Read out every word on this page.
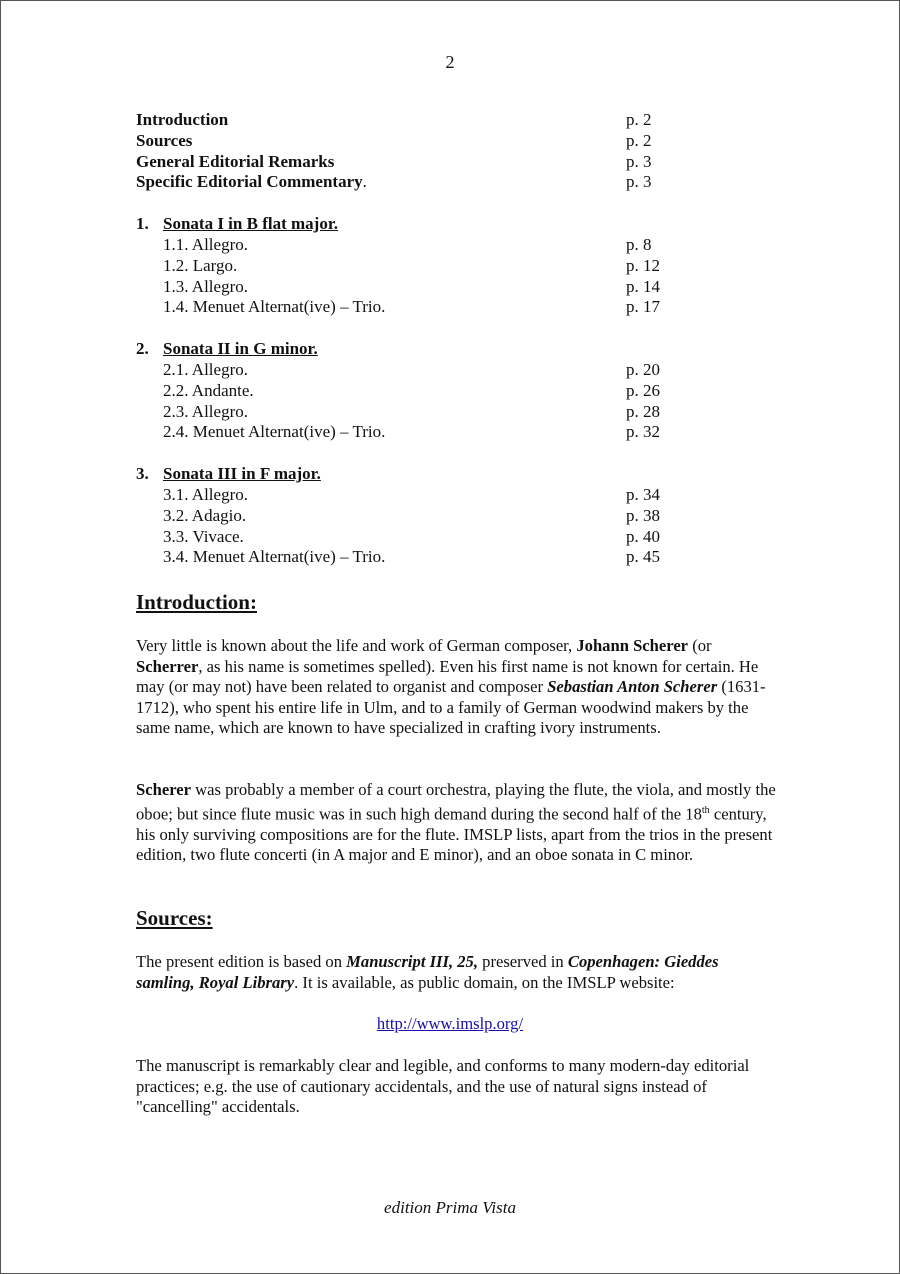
2
Introduction	p. 2
Sources	p. 2
General Editorial Remarks	p. 3
Specific Editorial Commentary.	p. 3
1. Sonata I in B flat major.
1.1. Allegro.	p. 8
1.2. Largo.	p. 12
1.3. Allegro.	p. 14
1.4. Menuet Alternat(ive) – Trio.	p. 17
2. Sonata II in G minor.
2.1. Allegro.	p. 20
2.2. Andante.	p. 26
2.3. Allegro.	p. 28
2.4. Menuet Alternat(ive) – Trio.	p. 32
3. Sonata III in F major.
3.1. Allegro.	p. 34
3.2. Adagio.	p. 38
3.3. Vivace.	p. 40
3.4. Menuet Alternat(ive) – Trio.	p. 45
Introduction:
Very little is known about the life and work of German composer, Johann Scherer (or Scherrer, as his name is sometimes spelled). Even his first name is not known for certain. He may (or may not) have been related to organist and composer Sebastian Anton Scherer (1631-1712), who spent his entire life in Ulm, and to a family of German woodwind makers by the same name, which are known to have specialized in crafting ivory instruments.
Scherer was probably a member of a court orchestra, playing the flute, the viola, and mostly the oboe; but since flute music was in such high demand during the second half of the 18th century, his only surviving compositions are for the flute. IMSLP lists, apart from the trios in the present edition, two flute concerti (in A major and E minor), and an oboe sonata in C minor.
Sources:
The present edition is based on Manuscript III, 25, preserved in Copenhagen: Gieddes samling, Royal Library. It is available, as public domain, on the IMSLP website:
http://www.imslp.org/
The manuscript is remarkably clear and legible, and conforms to many modern-day editorial practices; e.g. the use of cautionary accidentals, and the use of natural signs instead of "cancelling" accidentals.
edition Prima Vista
